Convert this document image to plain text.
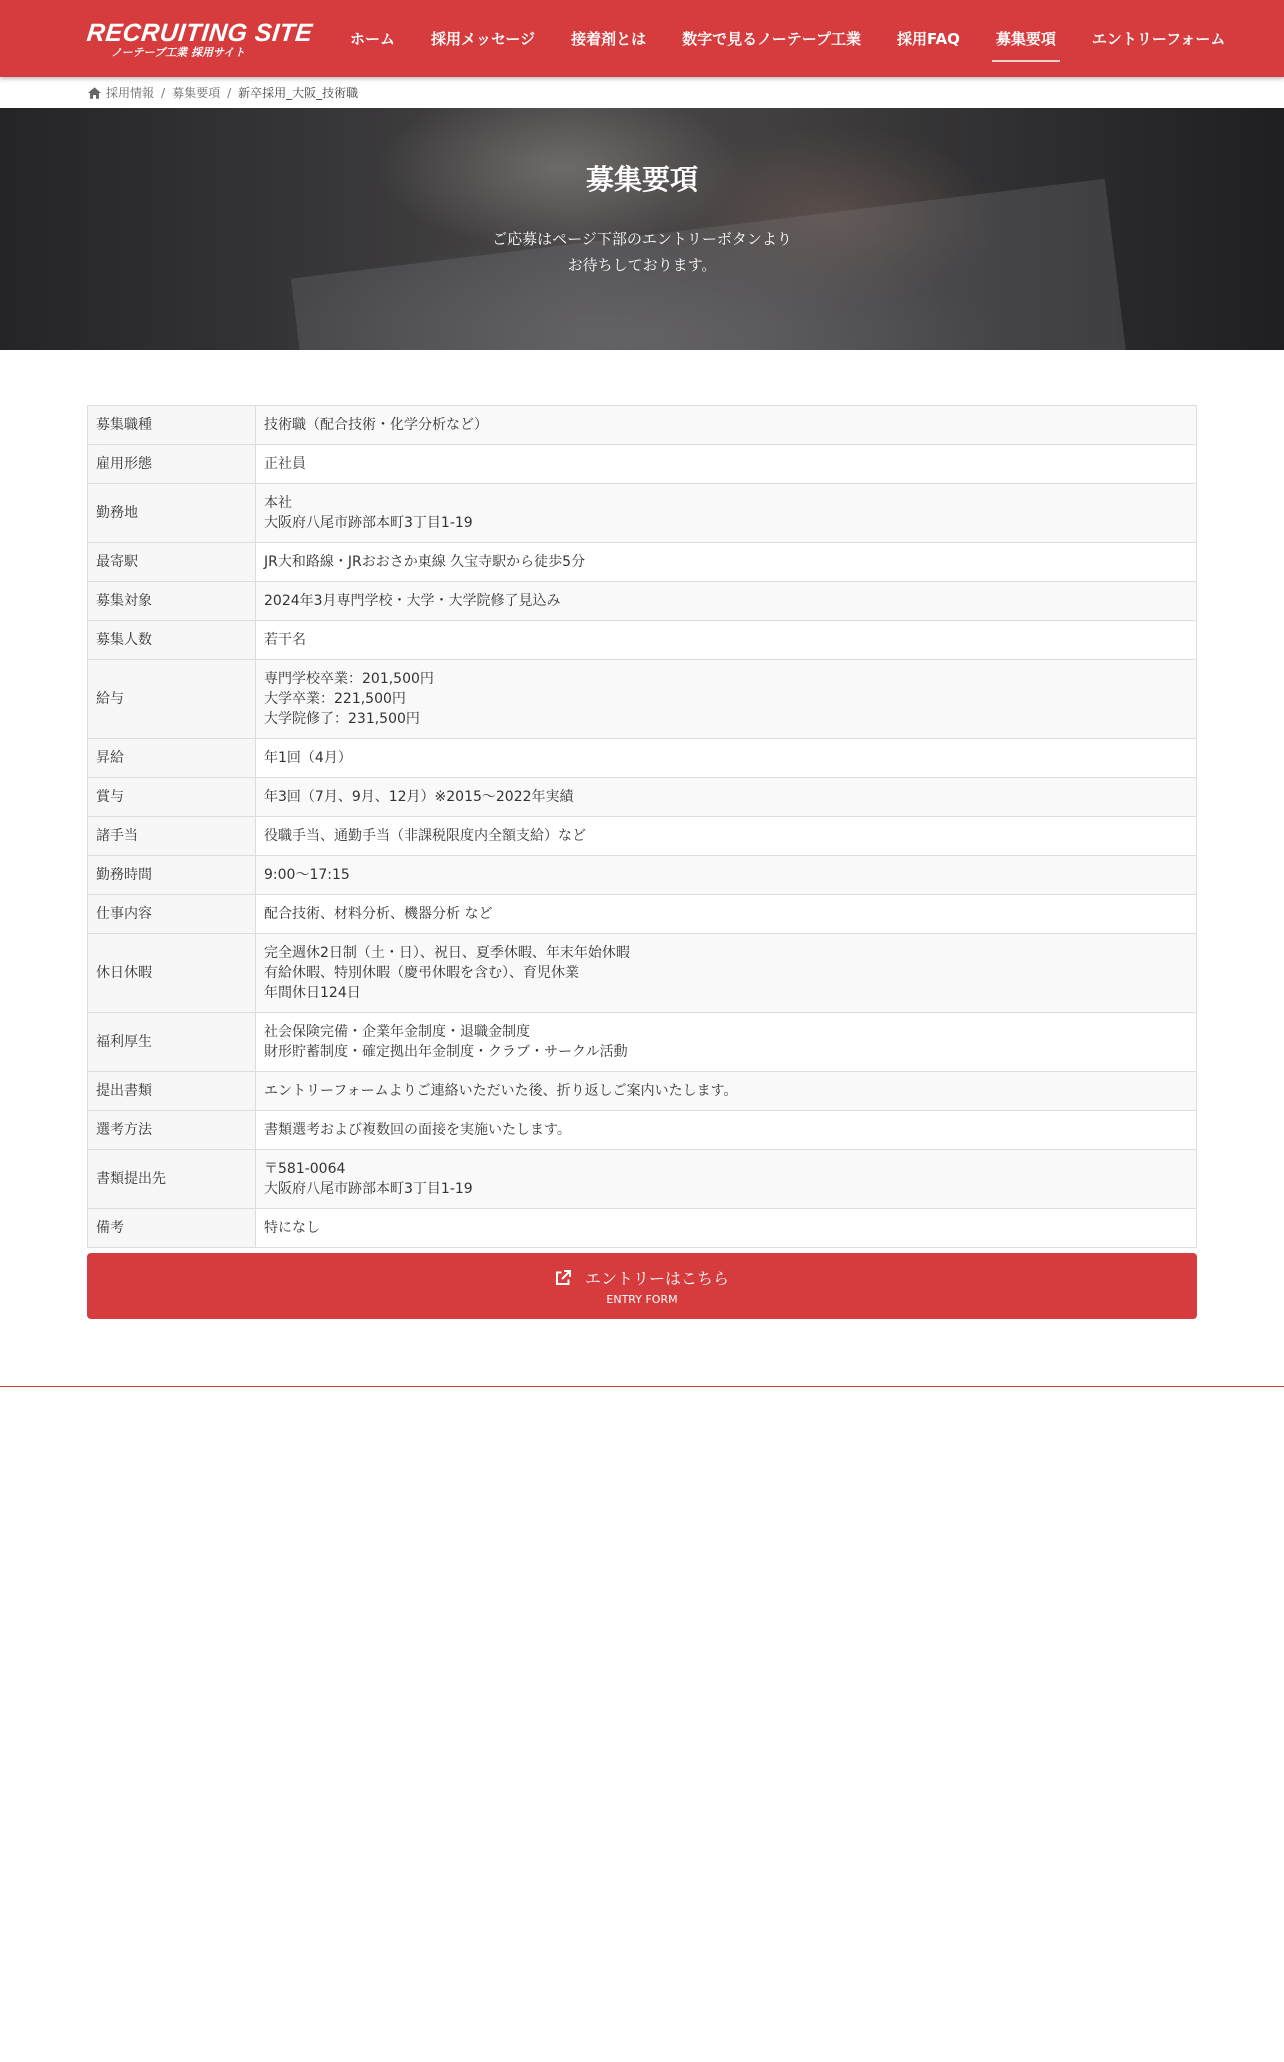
RECRUITING SITE
ノーテープ工業 採用サイト
ホーム	採用メッセージ	接着剤とは	数字で見るノーテープ工業	採用FAQ	募集要項	エントリーフォーム
採用情報 / 募集要項 / 新卒採用_大阪_技術職
募集要項
ご応募はページ下部のエントリーボタンより
お待ちしております。
募集職種	技術職（配合技術・化学分析など）

雇用形態	正社員

勤務地	本社
大阪府八尾市跡部本町3丁目1-19

最寄駅	JR大和路線・JRおおさか東線 久宝寺駅から徒歩5分

募集対象	2024年3月専門学校・大学・大学院修了見込み

募集人数	若干名

給与	専門学校卒業：201,500円
大学卒業：221,500円
大学院修了：231,500円

昇給	年1回（4月）

賞与	年3回（7月、9月、12月）※2015～2022年実績

諸手当	役職手当、通勤手当（非課税限度内全額支給）など

勤務時間	9:00～17:15

仕事内容	配合技術、材料分析、機器分析 など

休日休暇	完全週休2日制（土・日）、祝日、夏季休暇、年末年始休暇
有給休暇、特別休暇（慶弔休暇を含む）、育児休業
年間休日124日

福利厚生	社会保険完備・企業年金制度・退職金制度
財形貯蓄制度・確定拠出年金制度・クラブ・サークル活動

提出書類	エントリーフォームよりご連絡いただいた後、折り返しご案内いたします。

選考方法	書類選考および複数回の面接を実施いたします。

書類提出先	〒581-0064
大阪府八尾市跡部本町3丁目1-19

備考	特になし
エントリーはこちら
ENTRY FORM
